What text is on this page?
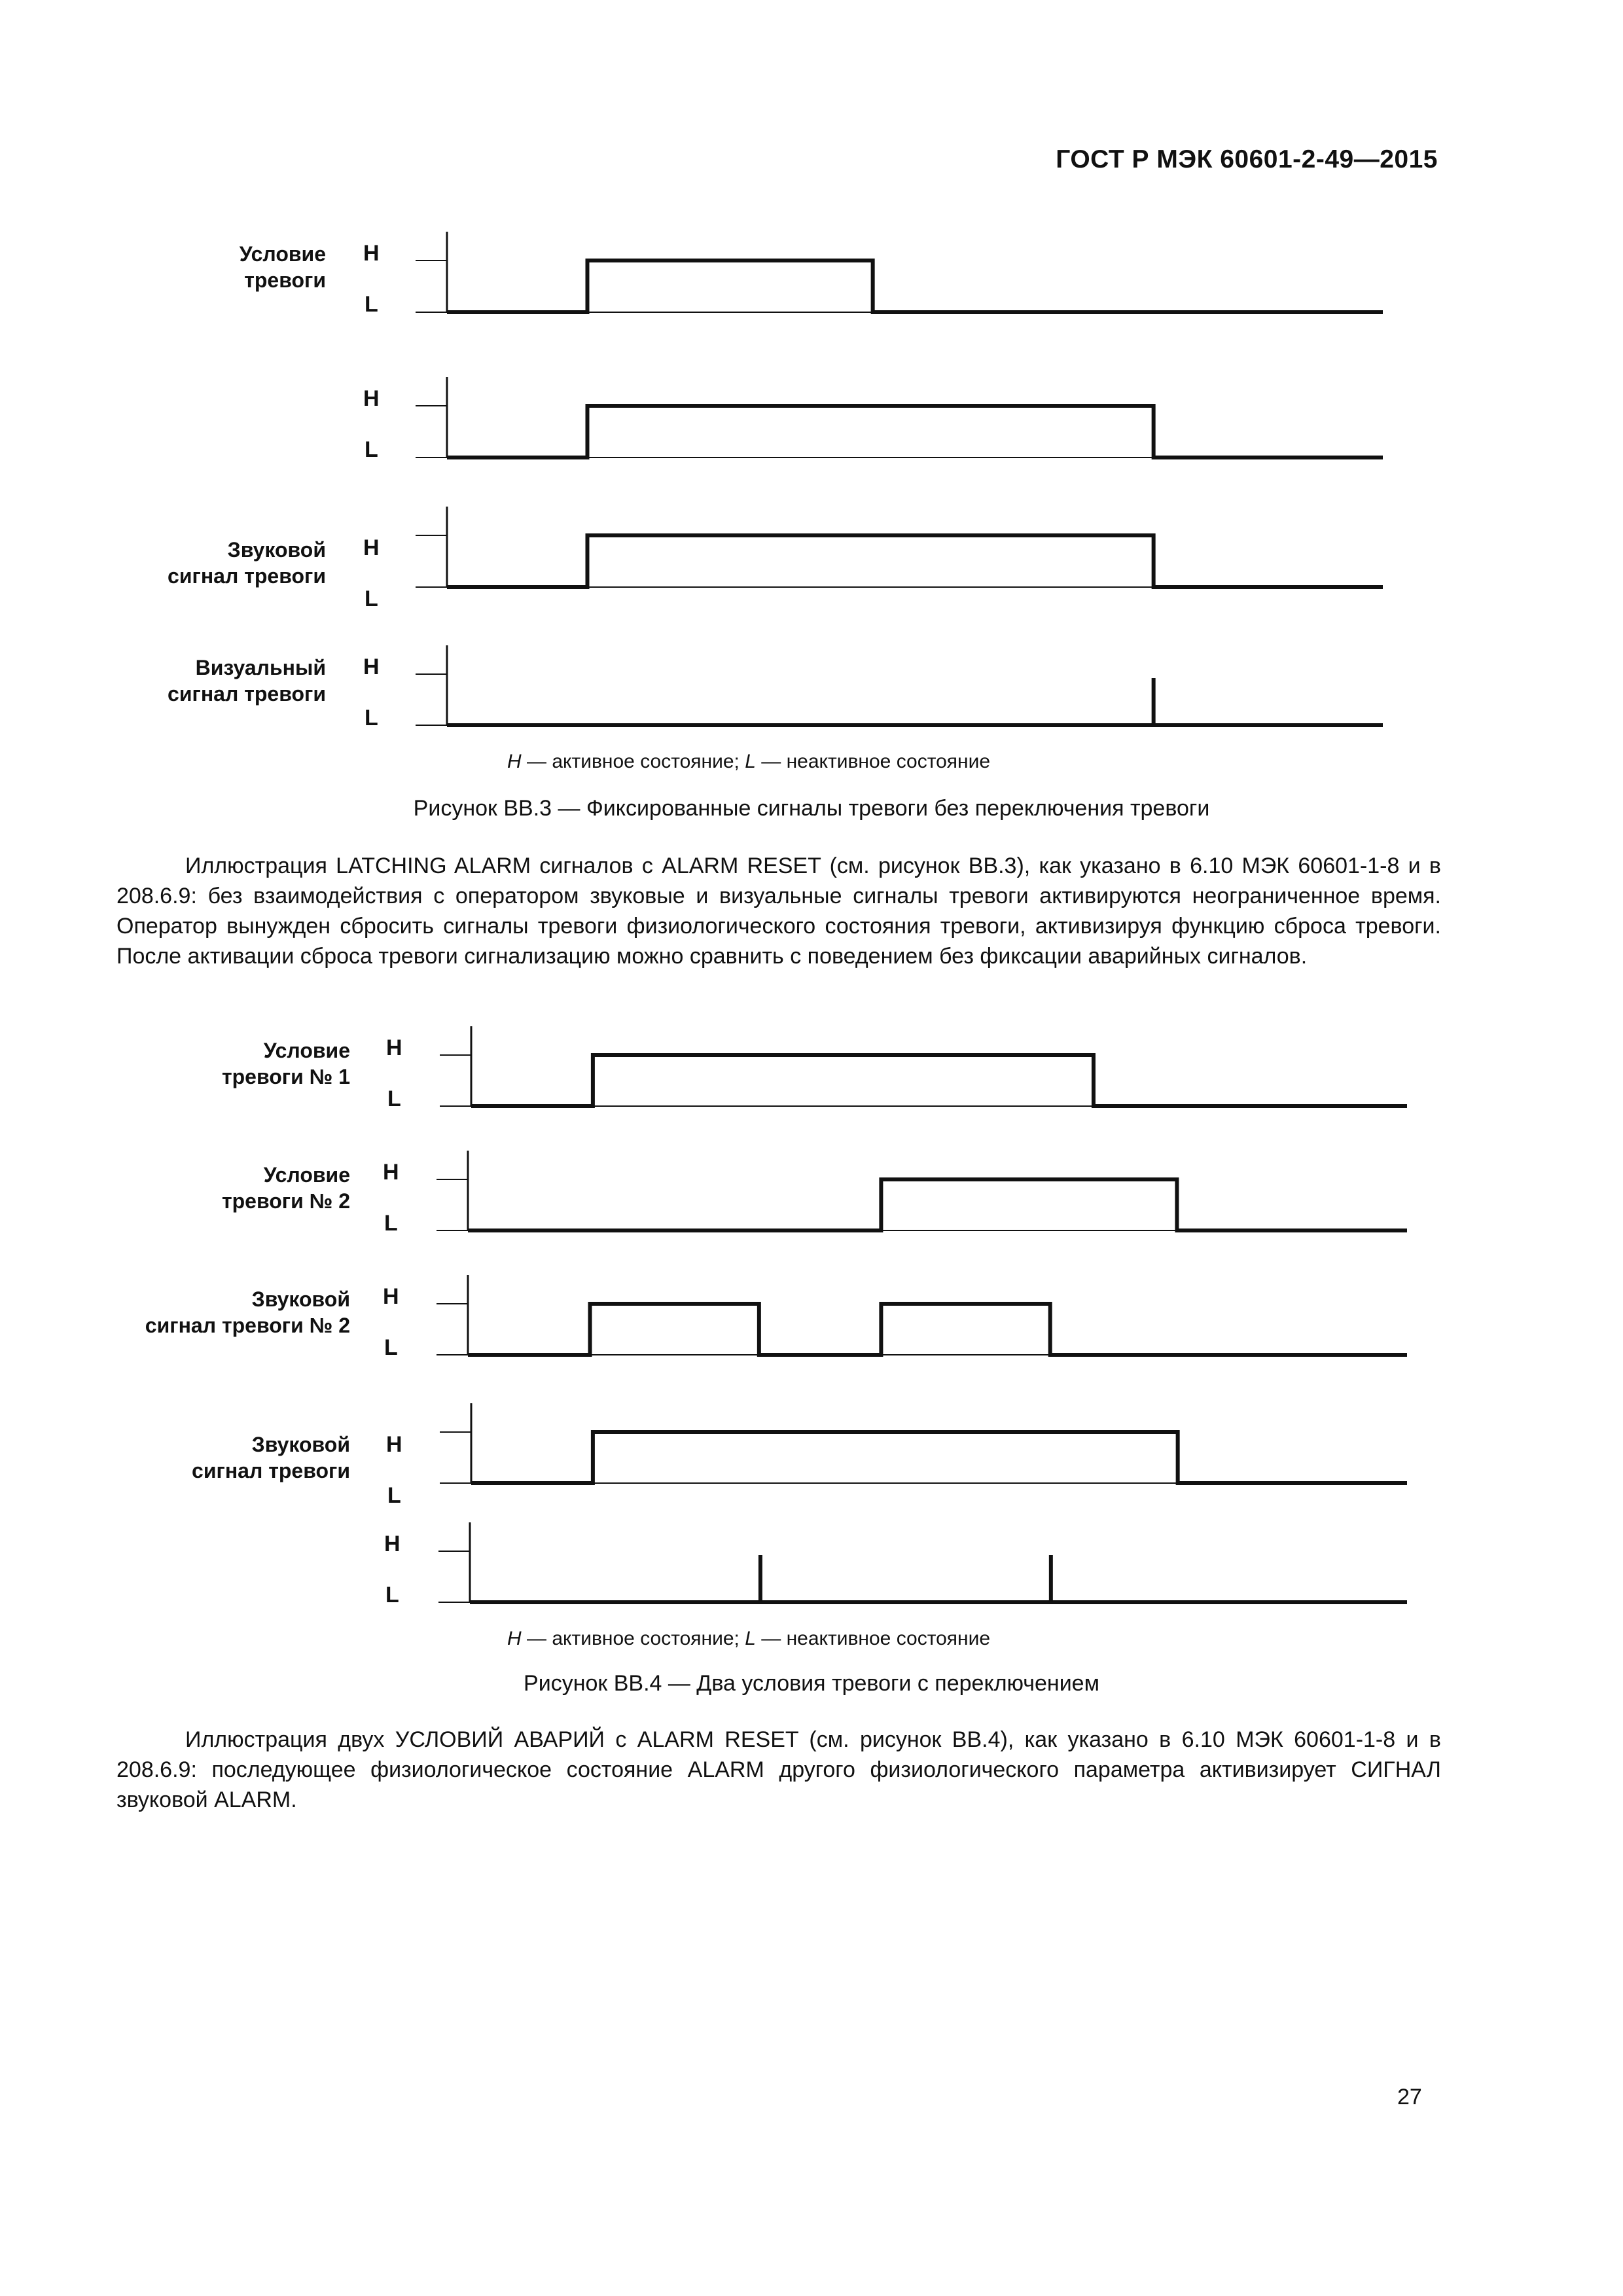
ГОСТ Р МЭК 60601-2-49—2015
Условие
тревоги
Звуковой
сигнал тревоги
Визуальный
сигнал тревоги
H
L
H
L
H
L
H
L
H — активное состояние; L — неактивное состояние
Рисунок ВВ.3 — Фиксированные сигналы тревоги без переключения тревоги

Иллюстрация LATCHING ALARM сигналов с ALARM RESET (см. рисунок ВВ.3), как указано в 6.10 МЭК 60601-1-8 и в 208.6.9: без взаимодействия с оператором звуковые и визуальные сигналы тревоги активируются неограниченное время. Оператор вынужден сбросить сигналы тревоги физиологического состояния тревоги, активизируя функцию сброса тревоги. После активации сброса тревоги сигнализацию можно сравнить с поведением без фиксации аварийных сигналов.

Условие
тревоги № 1
Условие
тревоги № 2
Звуковой
сигнал тревоги № 2
Звуковой
сигнал тревоги
H
L
H
L
H
L
H
L
H
L
H — активное состояние; L — неактивное состояние
Рисунок ВВ.4 — Два условия тревоги с переключением

Иллюстрация двух УСЛОВИЙ АВАРИЙ с ALARM RESET (см. рисунок ВВ.4), как указано в 6.10 МЭК 60601-1-8 и в 208.6.9: последующее физиологическое состояние ALARM другого физиологического параметра активизирует СИГНАЛ звуковой ALARM.

27
